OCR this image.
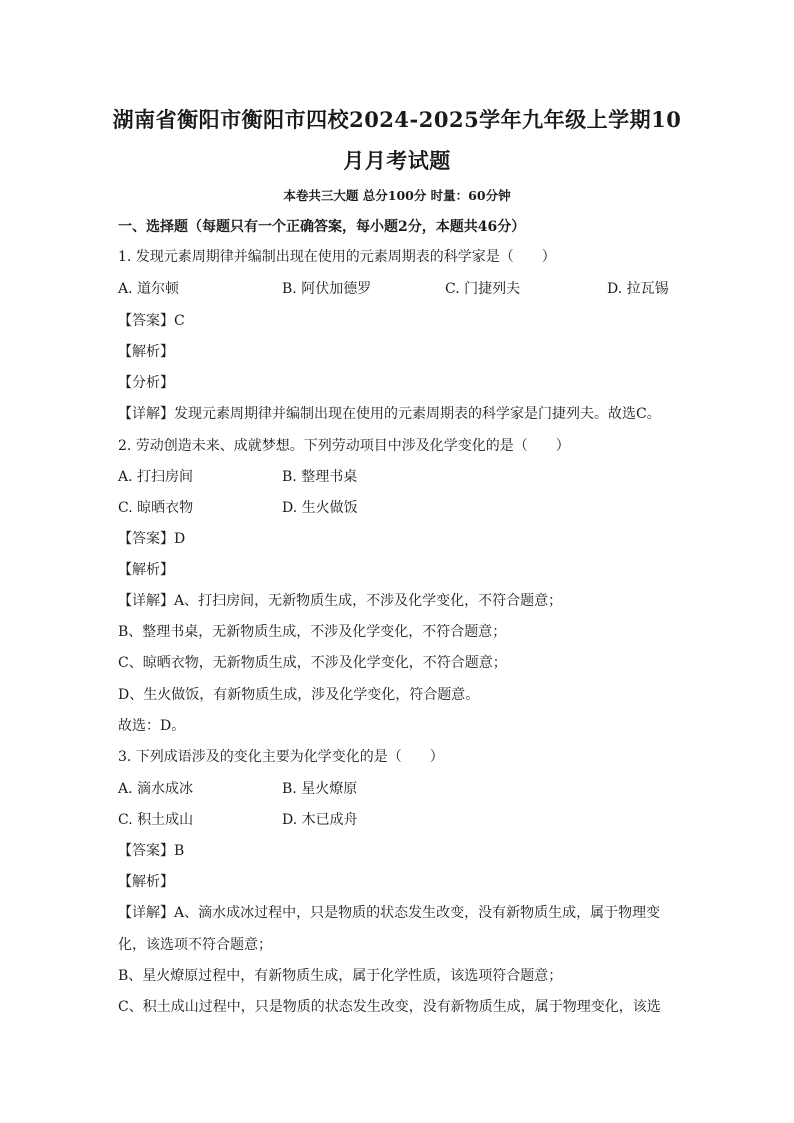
湖南省衡阳市衡阳市四校2024-2025学年九年级上学期10
月月考试题
本卷共三大题 总分100分 时量：60分钟
一、选择题（每题只有一个正确答案，每小题2分，本题共46分）
1. 发现元素周期律并编制出现在使用的元素周期表的科学家是（　　）
A. 道尔顿	B. 阿伏加德罗	C. 门捷列夫	D. 拉瓦锡
【答案】C
【解析】
【分析】
【详解】发现元素周期律并编制出现在使用的元素周期表的科学家是门捷列夫。故选C。
2. 劳动创造未来、成就梦想。下列劳动项目中涉及化学变化的是（　　）
A. 打扫房间	B. 整理书桌
C. 晾晒衣物	D. 生火做饭
【答案】D
【解析】
【详解】A、打扫房间，无新物质生成，不涉及化学变化，不符合题意；
B、整理书桌，无新物质生成，不涉及化学变化，不符合题意；
C、晾晒衣物，无新物质生成，不涉及化学变化，不符合题意；
D、生火做饭，有新物质生成，涉及化学变化，符合题意。
故选：D。
3. 下列成语涉及的变化主要为化学变化的是（　　）
A. 滴水成冰	B. 星火燎原
C. 积土成山	D. 木已成舟
【答案】B
【解析】
【详解】A、滴水成冰过程中，只是物质的状态发生改变，没有新物质生成，属于物理变
化，该选项不符合题意；
B、星火燎原过程中，有新物质生成，属于化学性质，该选项符合题意；
C、积土成山过程中，只是物质的状态发生改变，没有新物质生成，属于物理变化，该选
